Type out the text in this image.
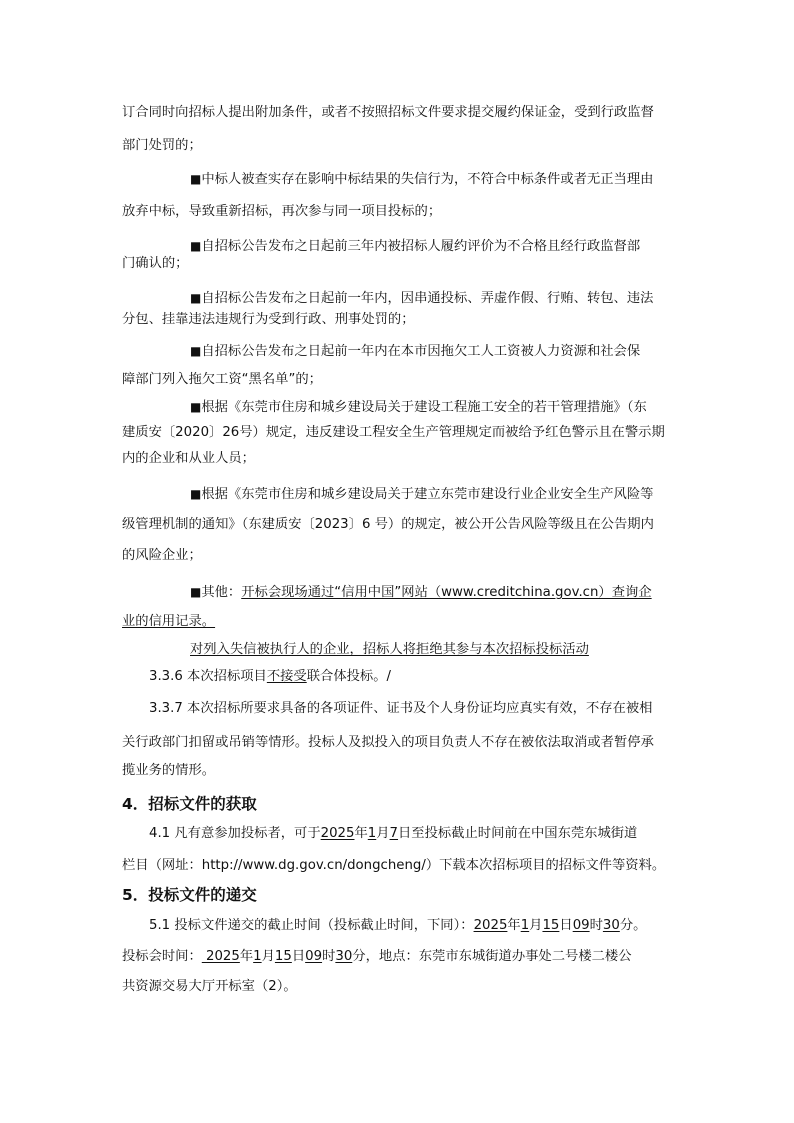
订合同时向招标人提出附加条件，或者不按照招标文件要求提交履约保证金，受到行政监督
部门处罚的；
■中标人被查实存在影响中标结果的失信行为，不符合中标条件或者无正当理由
放弃中标，导致重新招标，再次参与同一项目投标的；
■自招标公告发布之日起前三年内被招标人履约评价为不合格且经行政监督部
门确认的；
■自招标公告发布之日起前一年内，因串通投标、弄虚作假、行贿、转包、违法
分包、挂靠违法违规行为受到行政、刑事处罚的；
■自招标公告发布之日起前一年内在本市因拖欠工人工资被人力资源和社会保
障部门列入拖欠工资“黑名单”的；
■根据《东莞市住房和城乡建设局关于建设工程施工安全的若干管理措施》（东
建质安〔2020〕26号）规定，违反建设工程安全生产管理规定而被给予红色警示且在警示期
内的企业和从业人员；
■根据《东莞市住房和城乡建设局关于建立东莞市建设行业企业安全生产风险等
级管理机制的通知》（东建质安〔2023〕6 号）的规定，被公开公告风险等级且在公告期内
的风险企业；
■其他：开标会现场通过“信用中国”网站（www.creditchina.gov.cn）查询企
业的信用记录。
对列入失信被执行人的企业，招标人将拒绝其参与本次招标投标活动
3.3.6 本次招标项目不接受联合体投标。/
3.3.7 本次招标所要求具备的各项证件、证书及个人身份证均应真实有效，不存在被相
关行政部门扣留或吊销等情形。投标人及拟投入的项目负责人不存在被依法取消或者暂停承
揽业务的情形。
4．招标文件的获取
4.1 凡有意参加投标者，可于2025年1月7日至投标截止时间前在中国东莞东城街道
栏目（网址：http://www.dg.gov.cn/dongcheng/）下载本次招标项目的招标文件等资料。
5．投标文件的递交
5.1 投标文件递交的截止时间（投标截止时间，下同）：2025年1月15日09时30分。
投标会时间： 2025年1月15日09时30分，地点：东莞市东城街道办事处二号楼二楼公
共资源交易大厅开标室（2）。
